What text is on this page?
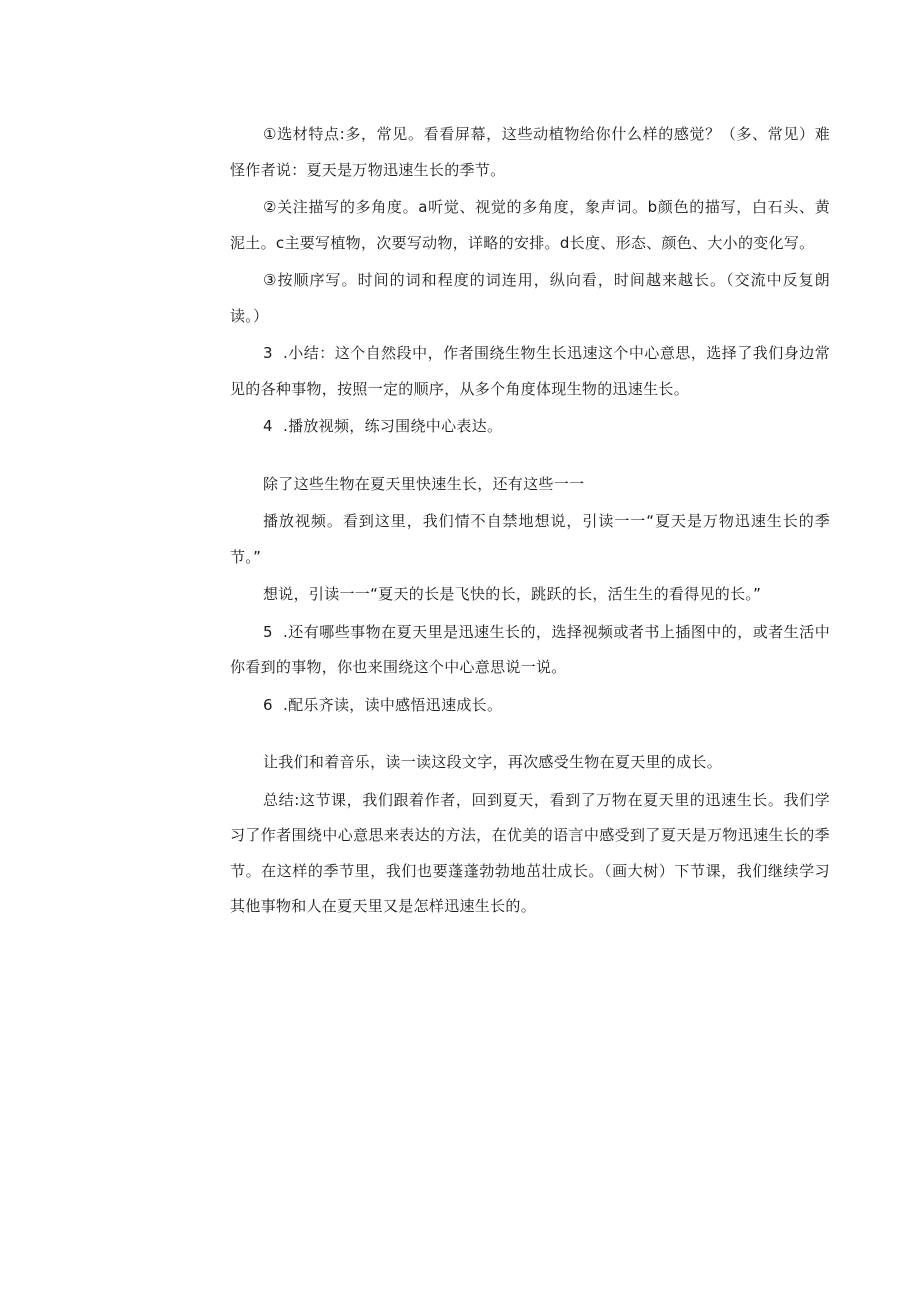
①选材特点:多，常见。看看屏幕，这些动植物给你什么样的感觉？（多、常见）难怪作者说：夏天是万物迅速生长的季节。

②关注描写的多角度。a听觉、视觉的多角度，象声词。b颜色的描写，白石头、黄泥土。c主要写植物，次要写动物，详略的安排。d长度、形态、颜色、大小的变化写。

③按顺序写。时间的词和程度的词连用，纵向看，时间越来越长。（交流中反复朗读。）

3 .小结：这个自然段中，作者围绕生物生长迅速这个中心意思，选择了我们身边常见的各种事物，按照一定的顺序，从多个角度体现生物的迅速生长。

4 .播放视频，练习围绕中心表达。

除了这些生物在夏天里快速生长，还有这些一一

播放视频。看到这里，我们情不自禁地想说，引读一一“夏天是万物迅速生长的季节。”

想说，引读一一“夏天的长是飞快的长，跳跃的长，活生生的看得见的长。”

5 .还有哪些事物在夏天里是迅速生长的，选择视频或者书上插图中的，或者生活中你看到的事物，你也来围绕这个中心意思说一说。

6 .配乐齐读，读中感悟迅速成长。

让我们和着音乐，读一读这段文字，再次感受生物在夏天里的成长。

总结:这节课，我们跟着作者，回到夏天，看到了万物在夏天里的迅速生长。我们学习了作者围绕中心意思来表达的方法，在优美的语言中感受到了夏天是万物迅速生长的季节。在这样的季节里，我们也要蓬蓬勃勃地茁壮成长。（画大树）下节课，我们继续学习其他事物和人在夏天里又是怎样迅速生长的。
